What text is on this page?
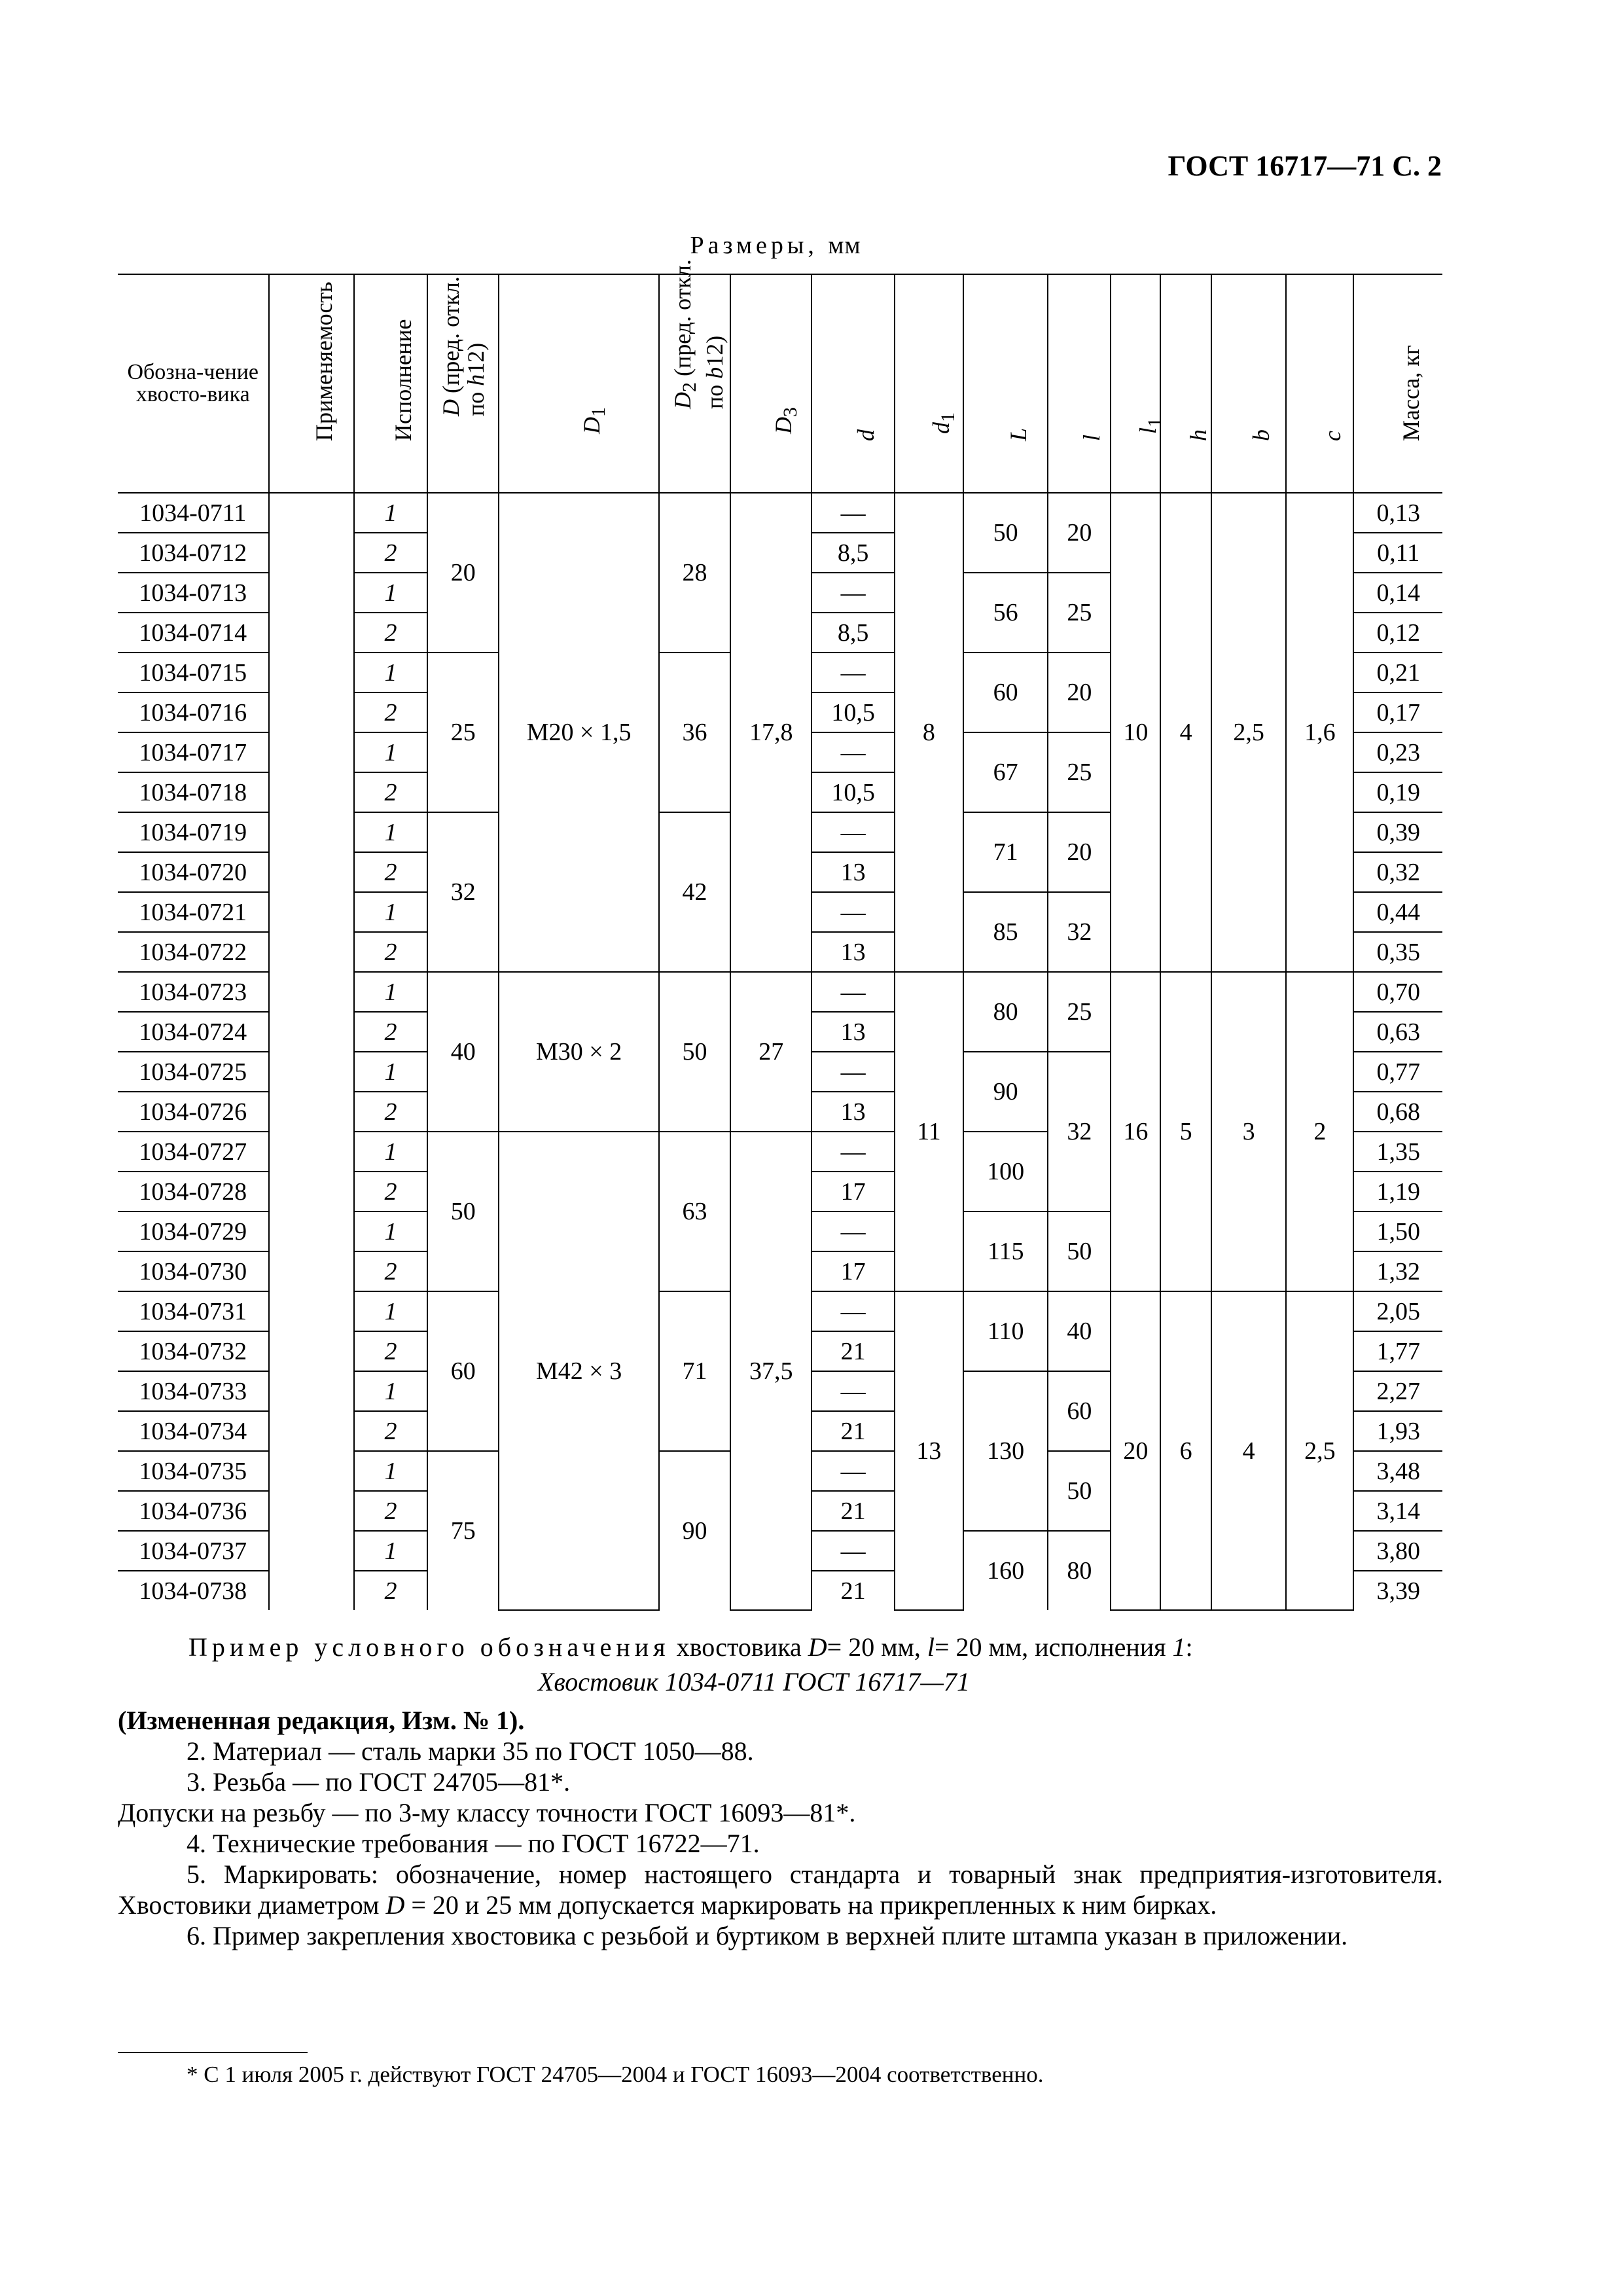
ГОСТ 16717—71 С. 2
Размеры, мм
Обозна-чение хвосто-вика	Применяемость	Исполнение	D (пред. откл. по h12)	$D_1$	$D_2$ (пред. откл. по b12)	$D_3$	d	$d_1$	L	l	$l_1$	h	b	c	Масса, кг

1034-0711		1	20	M20 × 1,5	28	17,8	—	8	50	20	10	4	2,5	1,6	0,13
1034-0712		2					8,5								0,11
1034-0713		1					—		56	25					0,14
1034-0714		2					8,5								0,12
1034-0715		1	25		36		—		60	20					0,21
1034-0716		2					10,5								0,17
1034-0717		1					—		67	25					0,23
1034-0718		2					10,5								0,19
1034-0719		1	32		42		—		71	20					0,39
1034-0720		2					13								0,32
1034-0721		1					—		85	32					0,44
1034-0722		2					13								0,35
1034-0723		1	40	M30 × 2	50	27	—	11	80	25	16	5	3	2	0,70
1034-0724		2					13								0,63
1034-0725		1					—		90	32					0,77
1034-0726		2					13								0,68
1034-0727		1	50	M42 × 3	63	37,5	—		100						1,35
1034-0728		2					17								1,19
1034-0729		1					—		115	50					1,50
1034-0730		2					17								1,32
1034-0731		1	60		71		—	13	110	40	20	6	4	2,5	2,05
1034-0732		2					21								1,77
1034-0733		1					—		130	60					2,27
1034-0734		2					21								1,93
1034-0735		1	75		90		—			50					3,48
1034-0736		2					21								3,14
1034-0737		1					—		160	80					3,80
1034-0738		2					21								3,39
Пример условного обозначения хвостовика D= 20 мм, l= 20 мм, исполнения 1:
Хвостовик 1034-0711 ГОСТ 16717—71

(Измененная редакция, Изм. № 1).

2. Материал — сталь марки 35 по ГОСТ 1050—88.

3. Резьба — по ГОСТ 24705—81*.

Допуски на резьбу — по 3-му классу точности ГОСТ 16093—81*.

4. Технические требования — по ГОСТ 16722—71.

5. Маркировать: обозначение, номер настоящего стандарта и товарный знак предприятия-изготовителя. Хвостовики диаметром D = 20 и 25 мм допускается маркировать на прикрепленных к ним бирках.

6. Пример закрепления хвостовика с резьбой и буртиком в верхней плите штампа указан в приложении.

* С 1 июля 2005 г. действуют ГОСТ 24705—2004 и ГОСТ 16093—2004 соответственно.
